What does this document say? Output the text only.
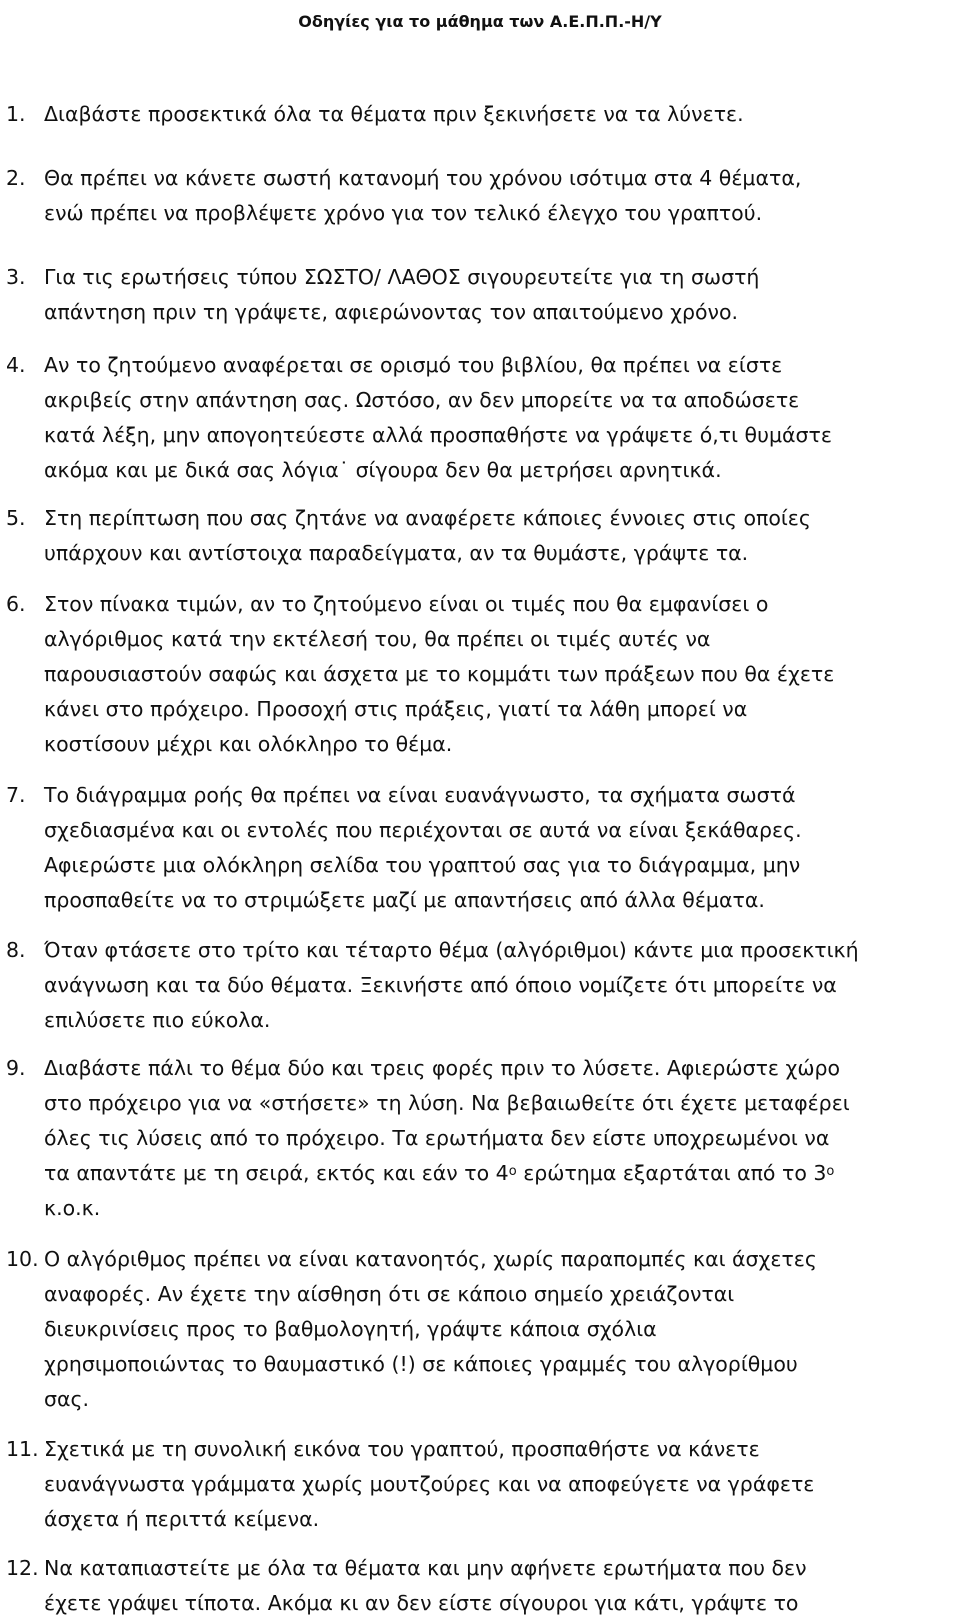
Οδηγίες για το μάθημα των Α.Ε.Π.Π.-Η/Υ
1. Διαβάστε προσεκτικά όλα τα θέματα πριν ξεκινήσετε να τα λύνετε.
2. Θα πρέπει να κάνετε σωστή κατανομή του χρόνου ισότιμα στα 4 θέματα,
ενώ πρέπει να προβλέψετε χρόνο για τον τελικό έλεγχο του γραπτού.
3. Για τις ερωτήσεις τύπου ΣΩΣΤΟ/ ΛΑΘΟΣ σιγουρευτείτε για τη σωστή
απάντηση πριν τη γράψετε, αφιερώνοντας τον απαιτούμενο χρόνο.
4. Αν το ζητούμενο αναφέρεται σε ορισμό του βιβλίου, θα πρέπει να είστε
ακριβείς στην απάντηση σας. Ωστόσο, αν δεν μπορείτε να τα αποδώσετε
κατά λέξη, μην απογοητεύεστε αλλά προσπαθήστε να γράψετε ό,τι θυμάστε
ακόμα και με δικά σας λόγια˙ σίγουρα δεν θα μετρήσει αρνητικά.
5. Στη περίπτωση που σας ζητάνε να αναφέρετε κάποιες έννοιες στις οποίες
υπάρχουν και αντίστοιχα παραδείγματα, αν τα θυμάστε, γράψτε τα.
6. Στον πίνακα τιμών, αν το ζητούμενο είναι οι τιμές που θα εμφανίσει ο
αλγόριθμος κατά την εκτέλεσή του, θα πρέπει οι τιμές αυτές να
παρουσιαστούν σαφώς και άσχετα με το κομμάτι των πράξεων που θα έχετε
κάνει στο πρόχειρο. Προσοχή στις πράξεις, γιατί τα λάθη μπορεί να
κοστίσουν μέχρι και ολόκληρο το θέμα.
7. Το διάγραμμα ροής θα πρέπει να είναι ευανάγνωστο, τα σχήματα σωστά
σχεδιασμένα και οι εντολές που περιέχονται σε αυτά να είναι ξεκάθαρες.
Αφιερώστε μια ολόκληρη σελίδα του γραπτού σας για το διάγραμμα, μην
προσπαθείτε να το στριμώξετε μαζί με απαντήσεις από άλλα θέματα.
8. Όταν φτάσετε στο τρίτο και τέταρτο θέμα (αλγόριθμοι) κάντε μια προσεκτική
ανάγνωση και τα δύο θέματα. Ξεκινήστε από όποιο νομίζετε ότι μπορείτε να
επιλύσετε πιο εύκολα.
9. Διαβάστε πάλι το θέμα δύο και τρεις φορές πριν το λύσετε. Αφιερώστε χώρο
στο πρόχειρο για να «στήσετε» τη λύση. Να βεβαιωθείτε ότι έχετε μεταφέρει
όλες τις λύσεις από το πρόχειρο. Τα ερωτήματα δεν είστε υποχρεωμένοι να
τα απαντάτε με τη σειρά, εκτός και εάν το $4^o$ ερώτημα εξαρτάται από το $3^o$
κ.ο.κ.
10. Ο αλγόριθμος πρέπει να είναι κατανοητός, χωρίς παραπομπές και άσχετες
αναφορές. Αν έχετε την αίσθηση ότι σε κάποιο σημείο χρειάζονται
διευκρινίσεις προς το βαθμολογητή, γράψτε κάποια σχόλια
χρησιμοποιώντας το θαυμαστικό (!) σε κάποιες γραμμές του αλγορίθμου
σας.
11. Σχετικά με τη συνολική εικόνα του γραπτού, προσπαθήστε να κάνετε
ευανάγνωστα γράμματα χωρίς μουτζούρες και να αποφεύγετε να γράφετε
άσχετα ή περιττά κείμενα.
12. Να καταπιαστείτε με όλα τα θέματα και μην αφήνετε ερωτήματα που δεν
έχετε γράψει τίποτα. Ακόμα κι αν δεν είστε σίγουροι για κάτι, γράψτε το
